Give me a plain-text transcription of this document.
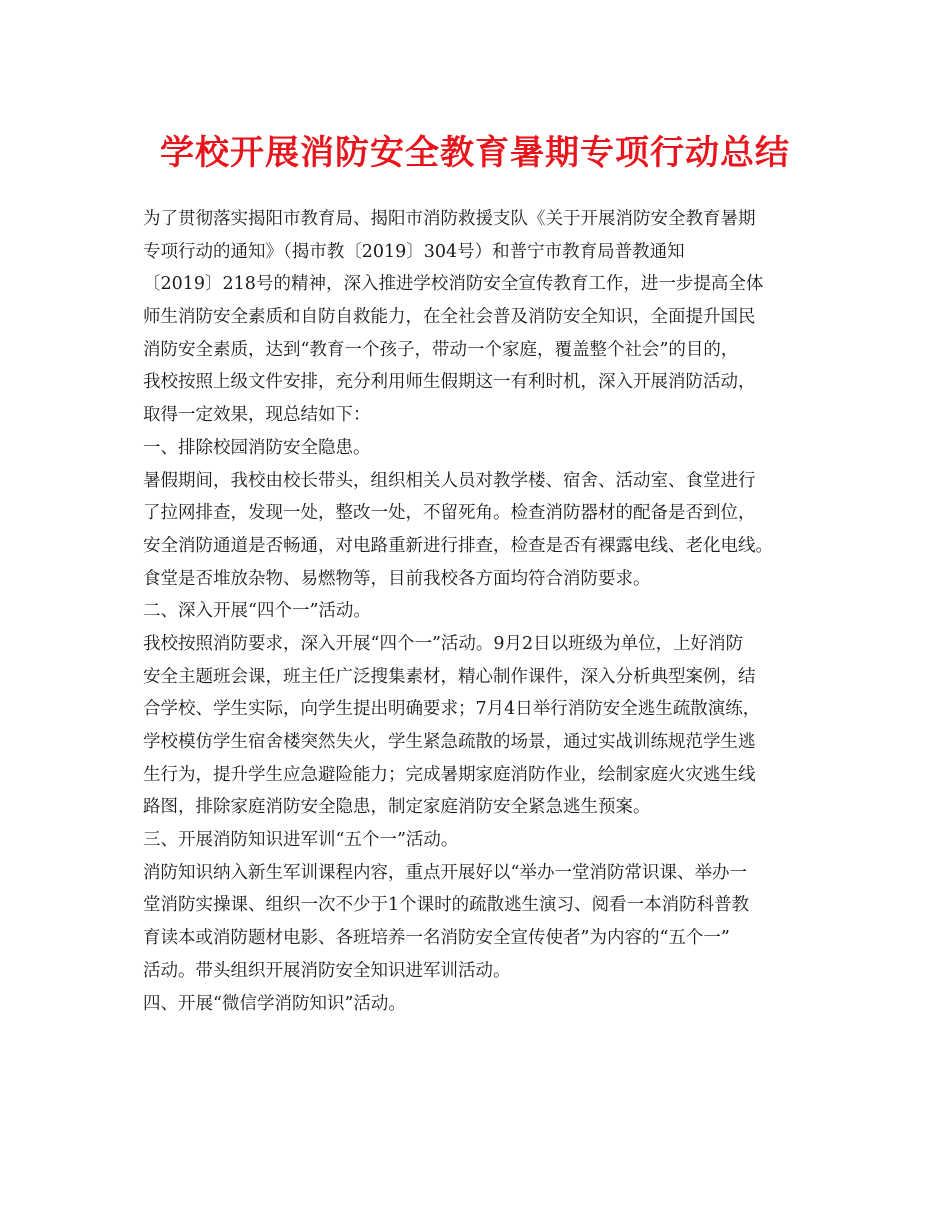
学校开展消防安全教育暑期专项行动总结

为了贯彻落实揭阳市教育局、揭阳市消防救援支队《关于开展消防安全教育暑期

专项行动的通知》（揭市教〔2019〕304号）和普宁市教育局普教通知

〔2019〕218号的精神，深入推进学校消防安全宣传教育工作，进一步提高全体

师生消防安全素质和自防自救能力，在全社会普及消防安全知识，全面提升国民

消防安全素质，达到“教育一个孩子，带动一个家庭，覆盖整个社会”的目的，

我校按照上级文件安排，充分利用师生假期这一有利时机，深入开展消防活动，

取得一定效果，现总结如下：

一、排除校园消防安全隐患。

暑假期间，我校由校长带头，组织相关人员对教学楼、宿舍、活动室、食堂进行

了拉网排查，发现一处，整改一处，不留死角。检查消防器材的配备是否到位，

安全消防通道是否畅通，对电路重新进行排查，检查是否有裸露电线、老化电线。

食堂是否堆放杂物、易燃物等，目前我校各方面均符合消防要求。

二、深入开展“四个一”活动。

我校按照消防要求，深入开展“四个一”活动。9月2日以班级为单位，上好消防

安全主题班会课，班主任广泛搜集素材，精心制作课件，深入分析典型案例，结

合学校、学生实际，向学生提出明确要求；7月4日举行消防安全逃生疏散演练，

学校模仿学生宿舍楼突然失火，学生紧急疏散的场景，通过实战训练规范学生逃

生行为，提升学生应急避险能力；完成暑期家庭消防作业，绘制家庭火灾逃生线

路图，排除家庭消防安全隐患，制定家庭消防安全紧急逃生预案。

三、开展消防知识进军训“五个一”活动。

消防知识纳入新生军训课程内容，重点开展好以“举办一堂消防常识课、举办一

堂消防实操课、组织一次不少于1个课时的疏散逃生演习、阅看一本消防科普教

育读本或消防题材电影、各班培养一名消防安全宣传使者”为内容的“五个一”

活动。带头组织开展消防安全知识进军训活动。

四、开展“微信学消防知识”活动。
